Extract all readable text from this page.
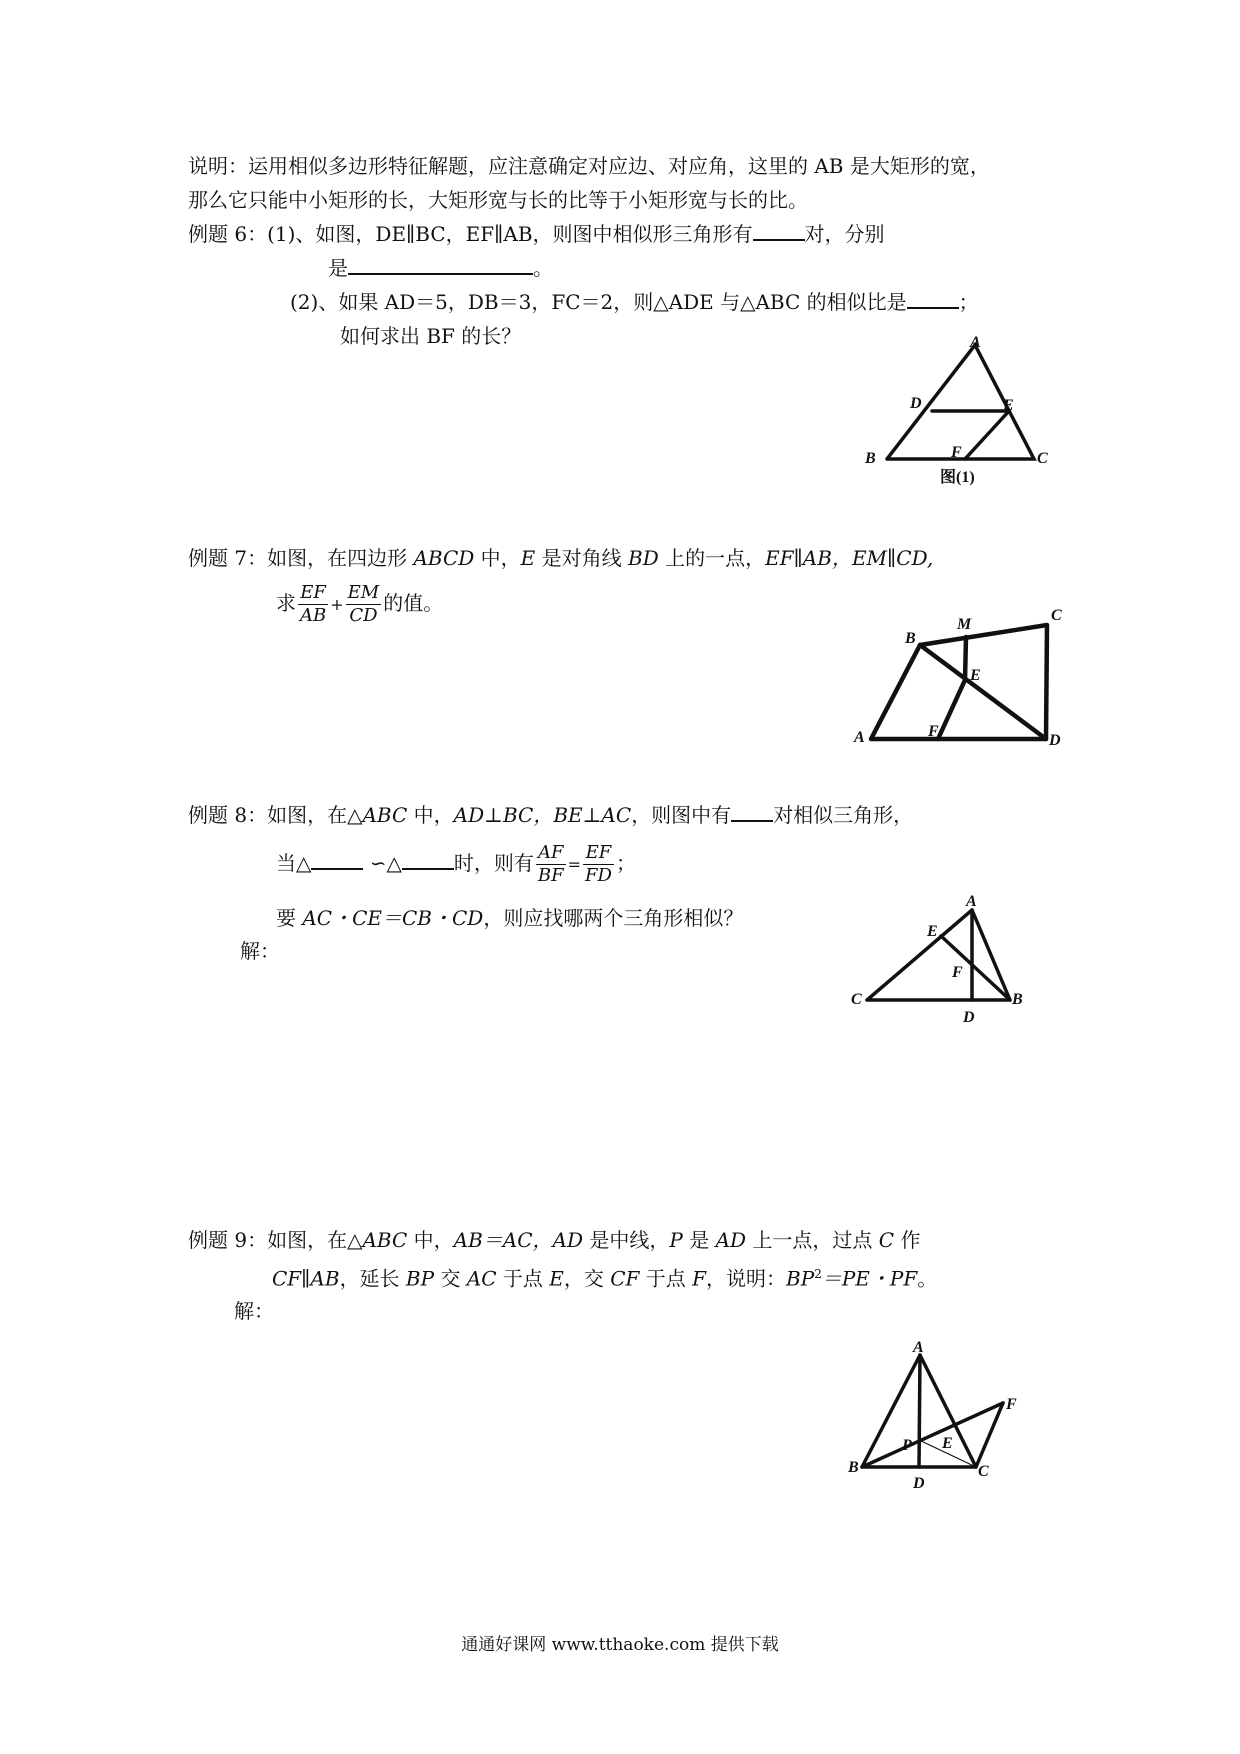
说明：运用相似多边形特征解题，应注意确定对应边、对应角，这里的 AB 是大矩形的宽，
那么它只能中小矩形的长，大矩形宽与长的比等于小矩形宽与长的比。
例题 6：(1)、如图，DE∥BC，EF∥AB，则图中相似形三角形有	对，分别
是	。
(2)、如果 AD＝5，DB＝3，FC＝2，则△ADE 与△ABC 的相似比是	；
如何求出 BF 的长？	A
D	E
B	F	C
图(1)
例题 7：如图，在四边形 ABCD 中，E 是对角线 BD 上的一点，EF∥AB，EM∥CD,
求 $\frac{EF}{AB} + \frac{EM}{CD}$ 的值。
A
B
M
C
E
F
D
例题 8：如图，在△ABC 中，AD⊥BC，BE⊥AC，则图中有 对相似三角形，
当△	∽△	时，则有 $\frac{AF}{BF} = \frac{EF}{FD}$ ；
要 AC・CE＝CB・CD，则应找哪两个三角形相似？
解：
A
E
F
C	B
D
例题 9：如图，在△ABC 中，AB＝AC，AD 是中线，P 是 AD 上一点，过点 C 作
CF∥AB，延长 BP 交 AC 于点 E，交 CF 于点 F，说明：$BP^2=PE$・PF。
解：
A
F
P E
B	C
D
通通好课网 www.tthaoke.com 提供下载
